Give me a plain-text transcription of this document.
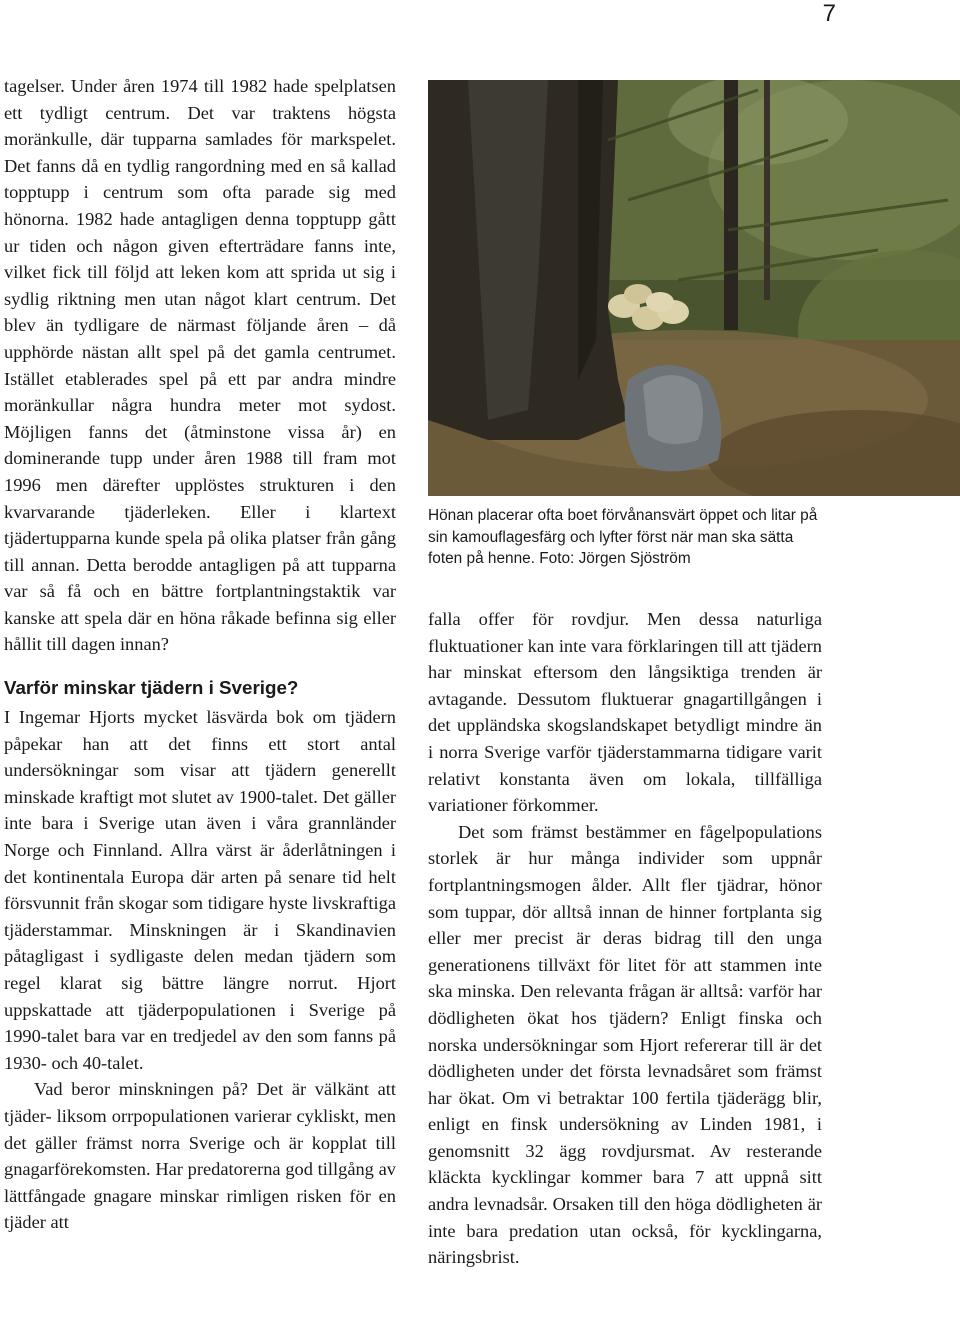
7

tagelser. Under åren 1974 till 1982 hade spelplatsen ett tydligt centrum. Det var traktens högsta moränkulle, där tupparna samlades för markspelet. Det fanns då en tydlig rangordning med en så kallad topptupp i centrum som ofta parade sig med hönorna. 1982 hade antagligen denna topptupp gått ur tiden och någon given efterträdare fanns inte, vilket fick till följd att leken kom att sprida ut sig i sydlig riktning men utan något klart centrum. Det blev än tydligare de närmast följande åren – då upphörde nästan allt spel på det gamla centrumet. Istället etablerades spel på ett par andra mindre moränkullar några hundra meter mot sydost. Möjligen fanns det (åtminstone vissa år) en dominerande tupp under åren 1988 till fram mot 1996 men därefter upplöstes strukturen i den kvarvarande tjäderleken. Eller i klartext tjädertupparna kunde spela på olika platser från gång till annan. Detta berodde antagligen på att tupparna var så få och en bättre fortplantningstaktik var kanske att spela där en höna råkade befinna sig eller hållit till dagen innan?

Varför minskar tjädern i Sverige?

I Ingemar Hjorts mycket läsvärda bok om tjädern påpekar han att det finns ett stort antal undersökningar som visar att tjädern generellt minskade kraftigt mot slutet av 1900-talet. Det gäller inte bara i Sverige utan även i våra grannländer Norge och Finnland. Allra värst är åderlåtningen i det kontinentala Europa där arten på senare tid helt försvunnit från skogar som tidigare hyste livskraftiga tjäderstammar. Minskningen är i Skandinavien påtagligast i sydligaste delen medan tjädern som regel klarat sig bättre längre norrut. Hjort uppskattade att tjäderpopulationen i Sverige på 1990-talet bara var en tredjedel av den som fanns på 1930- och 40-talet.

Vad beror minskningen på? Det är välkänt att tjäder- liksom orrpopulationen varierar cykliskt, men det gäller främst norra Sverige och är kopplat till gnagarförekomsten. Har predatorerna god tillgång av lättfångade gnagare minskar rimligen risken för en tjäder att

Hönan placerar ofta boet förvånansvärt öppet och litar på sin kamouflagesfärg och lyfter först när man ska sätta foten på henne. Foto: Jörgen Sjöström

falla offer för rovdjur. Men dessa naturliga fluktuationer kan inte vara förklaringen till att tjädern har minskat eftersom den långsiktiga trenden är avtagande. Dessutom fluktuerar gnagartillgången i det uppländska skogslandskapet betydligt mindre än i norra Sverige varför tjäderstammarna tidigare varit relativt konstanta även om lokala, tillfälliga variationer förkommer.

Det som främst bestämmer en fågelpopulations storlek är hur många individer som uppnår fortplantningsmogen ålder. Allt fler tjädrar, hönor som tuppar, dör alltså innan de hinner fortplanta sig eller mer precist är deras bidrag till den unga generationens tillväxt för litet för att stammen inte ska minska. Den relevanta frågan är alltså: varför har dödligheten ökat hos tjädern? Enligt finska och norska undersökningar som Hjort refererar till är det dödligheten under det första levnadsåret som främst har ökat. Om vi betraktar 100 fertila tjäderägg blir, enligt en finsk undersökning av Linden 1981, i genomsnitt 32 ägg rovdjursmat. Av resterande kläckta kycklingar kommer bara 7 att uppnå sitt andra levnadsår. Orsaken till den höga dödligheten är inte bara predation utan också, för kycklingarna, näringsbrist.
